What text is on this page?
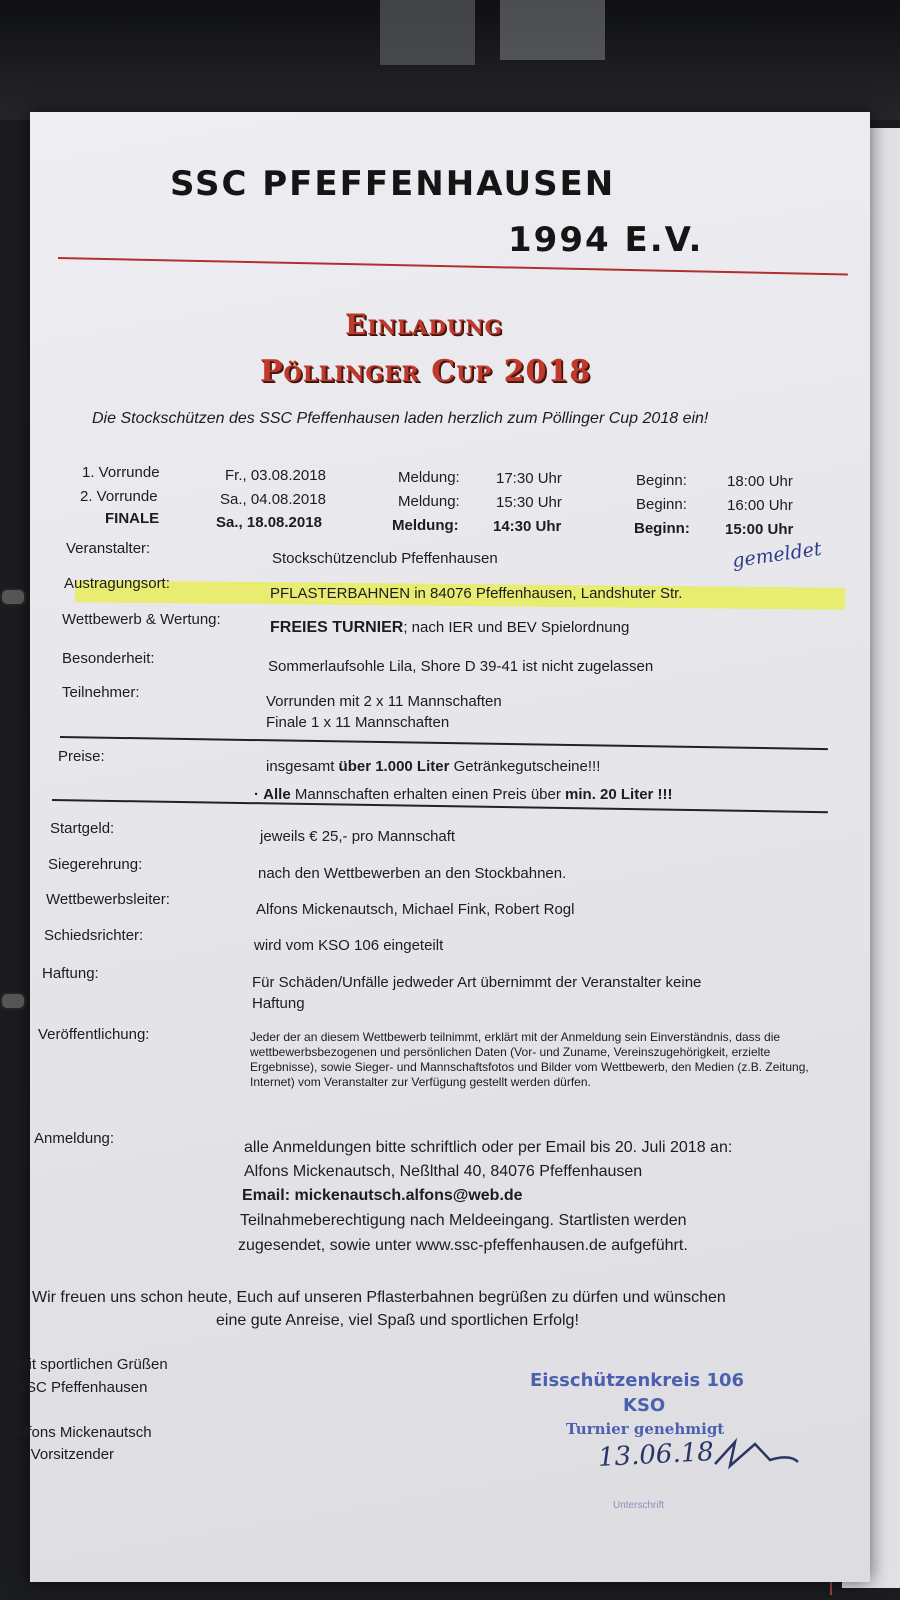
SSC PFEFFENHAUSEN
1994 E.V.
Einladung
Pöllinger Cup 2018
Die Stockschützen des SSC Pfeffenhausen laden herzlich zum Pöllinger Cup 2018 ein!
1. Vorrunde	Fr., 03.08.2018	Meldung: 17:30 Uhr	Beginn:	18:00 Uhr
2. Vorrunde	Sa., 04.08.2018	Meldung: 15:30 Uhr	Beginn:	16:00 Uhr
FINALE	Sa., 18.08.2018	Meldung: 14:30 Uhr	Beginn: 15:00 Uhr
Veranstalter:
Stockschützenclub Pfeffenhausen	gemeldet
Austragungsort:
PFLASTERBAHNEN in 84076 Pfeffenhausen, Landshuter Str.
Wettbewerb & Wertung:	FREIES TURNIER; nach IER und BEV Spielordnung
Besonderheit:	Sommerlaufsohle Lila, Shore D 39-41 ist nicht zugelassen
Teilnehmer:
Vorrunden mit 2 x 11 Mannschaften
Finale 1 x 11 Mannschaften
Preise:
insgesamt über 1.000 Liter Getränkegutscheine!!!
· Alle Mannschaften erhalten einen Preis über min. 20 Liter !!!
Startgeld:	jeweils € 25,- pro Mannschaft
Siegerehrung:
nach den Wettbewerben an den Stockbahnen.
Wettbewerbsleiter:
Alfons Mickenautsch, Michael Fink, Robert Rogl
Schiedsrichter:
wird vom KSO 106 eingeteilt
Haftung:
Für Schäden/Unfälle jedweder Art übernimmt der Veranstalter keine
Haftung
Veröffentlichung:	Jeder der an diesem Wettbewerb teilnimmt, erklärt mit der Anmeldung sein Einverständnis, dass die wettbewerbsbezogenen und persönlichen Daten (Vor- und Zuname, Vereinszugehörigkeit, erzielte Ergebnisse), sowie Sieger- und Mannschaftsfotos und Bilder vom Wettbewerb, den Medien (z.B. Zeitung, Internet) vom Veranstalter zur Verfügung gestellt werden dürfen.
Anmeldung:
alle Anmeldungen bitte schriftlich oder per Email bis 20. Juli 2018 an:
Alfons Mickenautsch, Neßlthal 40, 84076 Pfeffenhausen
Email: mickenautsch.alfons@web.de
Teilnahmeberechtigung nach Meldeeingang. Startlisten werden
zugesendet, sowie unter www.ssc-pfeffenhausen.de aufgeführt.
Wir freuen uns schon heute, Euch auf unseren Pflasterbahnen begrüßen zu dürfen und wünschen
eine gute Anreise, viel Spaß und sportlichen Erfolg!
Mit sportlichen Grüßen
SSC Pfeffenhausen
Alfons Mickenautsch
1. Vorsitzender
Eisschützenkreis 106
KSO
Turnier genehmigt
13.06.18
Unterschrift
